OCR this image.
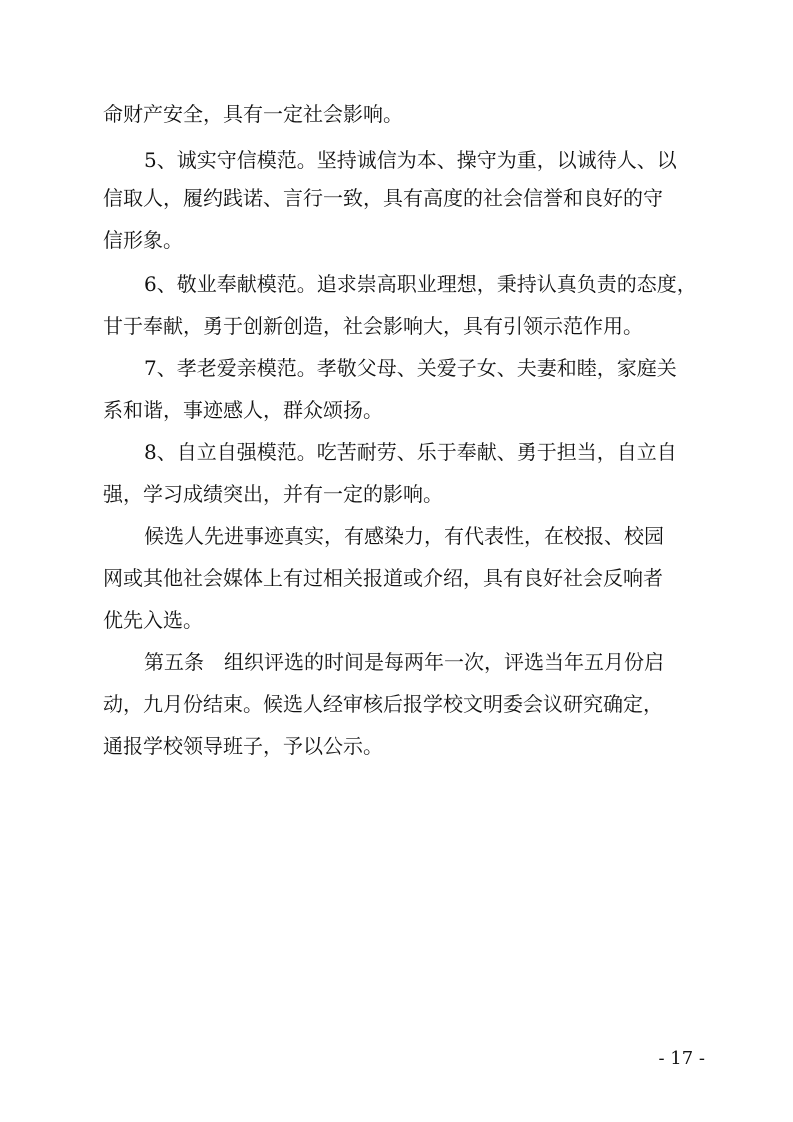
命财产安全，具有一定社会影响。
5、诚实守信模范。坚持诚信为本、操守为重，以诚待人、以
信取人，履约践诺、言行一致，具有高度的社会信誉和良好的守
信形象。
6、敬业奉献模范。追求崇高职业理想，秉持认真负责的态度，
甘于奉献，勇于创新创造，社会影响大，具有引领示范作用。
7、孝老爱亲模范。孝敬父母、关爱子女、夫妻和睦，家庭关
系和谐，事迹感人，群众颂扬。
8、自立自强模范。吃苦耐劳、乐于奉献、勇于担当，自立自
强，学习成绩突出，并有一定的影响。
候选人先进事迹真实，有感染力，有代表性，在校报、校园
网或其他社会媒体上有过相关报道或介绍，具有良好社会反响者
优先入选。
第五条　组织评选的时间是每两年一次，评选当年五月份启
动，九月份结束。候选人经审核后报学校文明委会议研究确定，
通报学校领导班子，予以公示。
- 17 -
